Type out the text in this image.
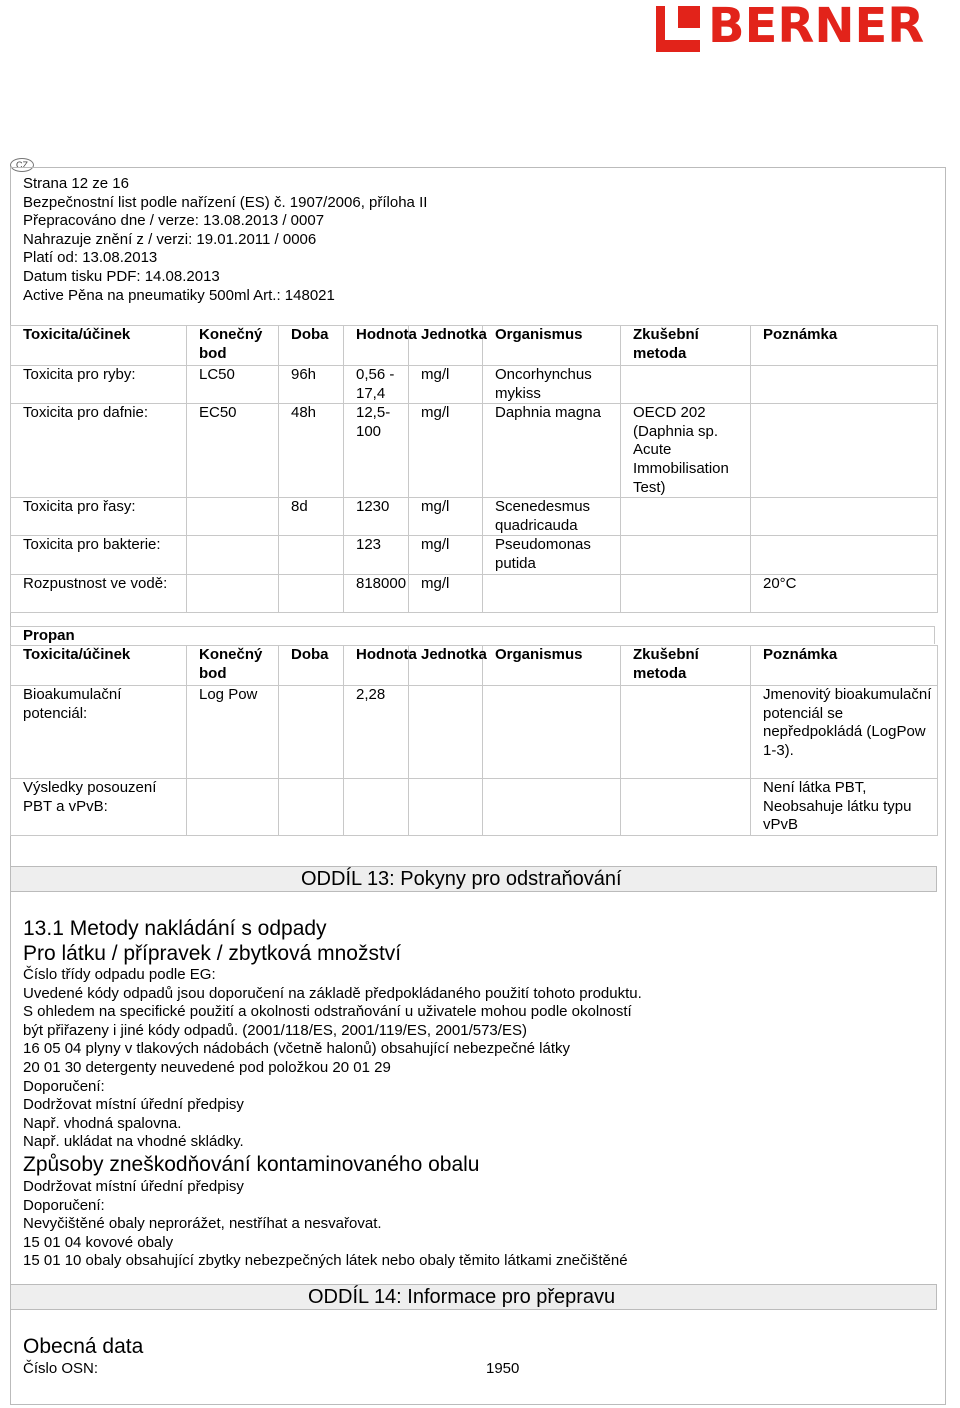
BERNER
CZ
Strana 12 ze 16
Bezpečnostní list podle nařízení (ES) č. 1907/2006, příloha II
Přepracováno dne / verze: 13.08.2013 / 0007
Nahrazuje znění z / verzi: 19.01.2011 / 0006
Platí od: 13.08.2013
Datum tisku PDF: 14.08.2013
Active Pěna na pneumatiky 500ml Art.: 148021
Toxicita/účinek	Konečný bod	Doba	Hodnota	Jednotka	Organismus	Zkušební metoda	Poznámka
Toxicita pro ryby:	LC50	96h	0,56 - 17,4	mg/l	Oncorhynchus mykiss		
Toxicita pro dafnie:	EC50	48h	12,5-100	mg/l	Daphnia magna	OECD 202 (Daphnia sp. Acute Immobilisation Test)	
Toxicita pro řasy:		8d	1230	mg/l	Scenedesmus quadricauda		
Toxicita pro bakterie:			123	mg/l	Pseudomonas putida		
Rozpustnost ve vodě:			818000	mg/l			20°C
Propan
Toxicita/účinek	Konečný bod	Doba	Hodnota	Jednotka	Organismus	Zkušební metoda	Poznámka
Bioakumulační potenciál:	Log Pow		2,28				Jmenovitý bioakumulační potenciál se nepředpokládá (LogPow 1-3).
Výsledky posouzení PBT a vPvB:							Není látka PBT, Neobsahuje látku typu vPvB
ODDÍL 13: Pokyny pro odstraňování
13.1 Metody nakládání s odpady
Pro látku / přípravek / zbytková množství
Číslo třídy odpadu podle EG:
Uvedené kódy odpadů jsou doporučení na základě předpokládaného použití tohoto produktu.
S ohledem na specifické použití a okolnosti odstraňování u uživatele mohou podle okolností
být přiřazeny i jiné kódy odpadů. (2001/118/ES, 2001/119/ES, 2001/573/ES)
16 05 04 plyny v tlakových nádobách (včetně halonů) obsahující nebezpečné látky
20 01 30 detergenty neuvedené pod položkou 20 01 29
Doporučení:
Dodržovat místní úřední předpisy
Např. vhodná spalovna.
Např. ukládat na vhodné skládky.
Způsoby zneškodňování kontaminovaného obalu
Dodržovat místní úřední předpisy
Doporučení:
Nevyčištěné obaly neprorážet, nestříhat a nesvařovat.
15 01 04 kovové obaly
15 01 10 obaly obsahující zbytky nebezpečných látek nebo obaly těmito látkami znečištěné
ODDÍL 14: Informace pro přepravu
Obecná data
Číslo OSN:	1950
